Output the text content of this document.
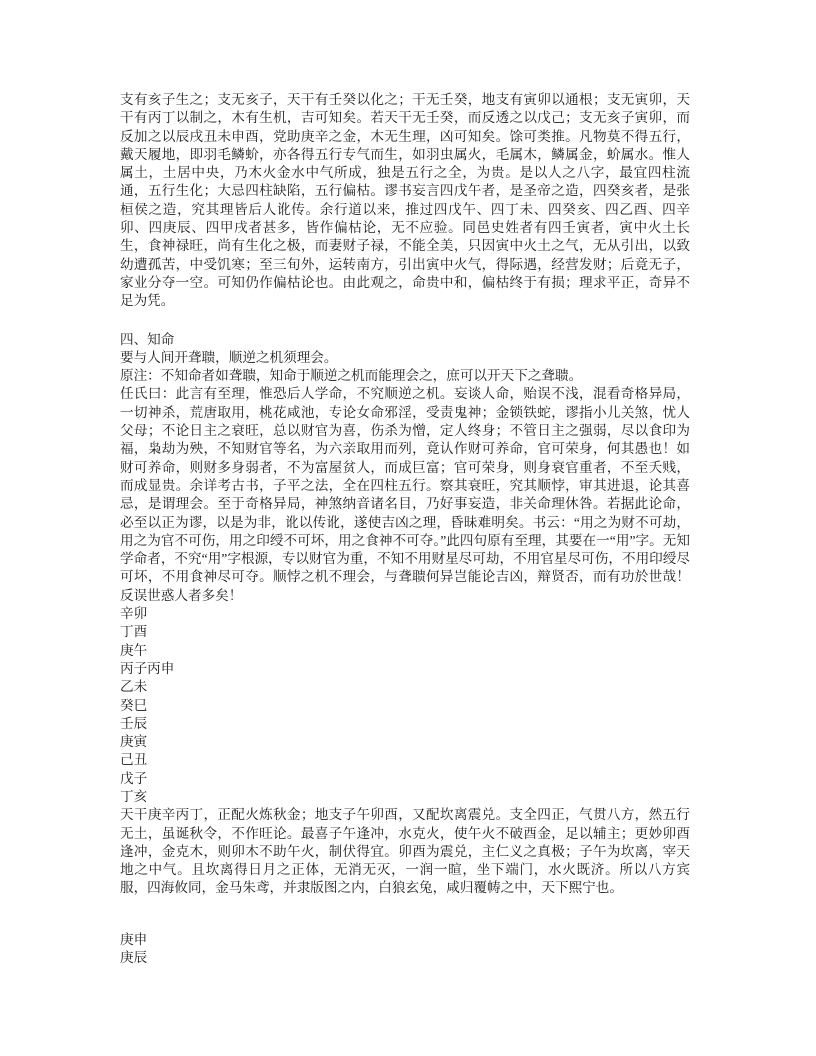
支有亥子生之；支无亥子，天干有壬癸以化之；干无壬癸，地支有寅卯以通根；支无寅卯，天干有丙丁以制之，木有生机，吉可知矣。若天干无壬癸，而反透之以戊己；支无亥子寅卯，而反加之以辰戌丑未申酉，党助庚辛之金，木无生理，凶可知矣。馀可类推。凡物莫不得五行，戴天履地，即羽毛鳞蚧，亦各得五行专气而生，如羽虫属火，毛属木，鳞属金，蚧属水。惟人属土，土居中央，乃木火金水中气所成，独是五行之全，为贵。是以人之八字，最宜四柱流通，五行生化；大忌四柱缺陷，五行偏枯。谬书妄言四戊午者，是圣帝之造，四癸亥者，是张桓侯之造，究其理皆后人讹传。余行道以来，推过四戊午、四丁未、四癸亥、四乙酉、四辛卯、四庚辰、四甲戌者甚多，皆作偏枯论，无不应验。同邑史姓者有四壬寅者，寅中火土长生，食神禄旺，尚有生化之极，而妻财子禄，不能全美，只因寅中火土之气，无从引出，以致幼遭孤苦，中受饥寒；至三旬外，运转南方，引出寅中火气，得际遇，经营发财；后竟无子，家业分夺一空。可知仍作偏枯论也。由此观之，命贵中和，偏枯终于有损；理求平正，奇异不足为凭。

四、知命

要与人间开聋聩，顺逆之机须理会。

原注：不知命者如聋聩，知命于顺逆之机而能理会之，庶可以开天下之聋聩。

任氏曰：此言有至理，惟恐后人学命，不究顺逆之机。妄谈人命，贻误不浅，混看奇格异局，一切神杀，荒唐取用，桃花咸池，专论女命邪淫，受责鬼神；金锁铁蛇，谬指小儿关煞，忧人父母；不论日主之衰旺，总以财官为喜，伤杀为憎，定人终身；不管日主之强弱，尽以食印为福，枭劫为殃，不知财官等名，为六亲取用而列，竟认作财可养命，官可荣身，何其愚也！如财可养命，则财多身弱者，不为富屋贫人，而成巨富；官可荣身，则身衰官重者，不至夭贱，而成显贵。余详考古书，子平之法，全在四柱五行。察其衰旺，究其顺悖，审其进退，论其喜忌，是谓理会。至于奇格异局，神煞纳音诸名目，乃好事妄造，非关命理休咎。若据此论命，必至以正为谬，以是为非，讹以传讹，遂使吉凶之理，昏昧难明矣。书云：“用之为财不可劫，用之为官不可伤，用之印绶不可坏，用之食神不可夺。”此四句原有至理，其要在一“用”字。无知学命者，不究“用”字根源，专以财官为重，不知不用财星尽可劫，不用官星尽可伤，不用印绶尽可坏，不用食神尽可夺。顺悖之机不理会，与聋聩何异岂能论吉凶，辩贤否，而有功於世哉！反误世惑人者多矣！

辛卯
丁酉
庚午
丙子丙申
乙未
癸巳
壬辰
庚寅
己丑
戊子
丁亥

天干庚辛丙丁，正配火炼秋金；地支子午卯酉，又配坎离震兑。支全四正，气贯八方，然五行无土，虽诞秋令，不作旺论。最喜子午逢冲，水克火，使午火不破酉金，足以辅主；更妙卯酉逢冲，金克木，则卯木不助午火，制伏得宜。卯酉为震兑，主仁义之真极；子午为坎离，宰天地之中气。且坎离得日月之正体，无消无灭，一润一暄，坐下端门，水火既济。所以八方宾服，四海攸同，金马朱鸢，并隶版图之内，白狼玄兔，咸归覆帱之中，天下熙宁也。

庚申
庚辰
